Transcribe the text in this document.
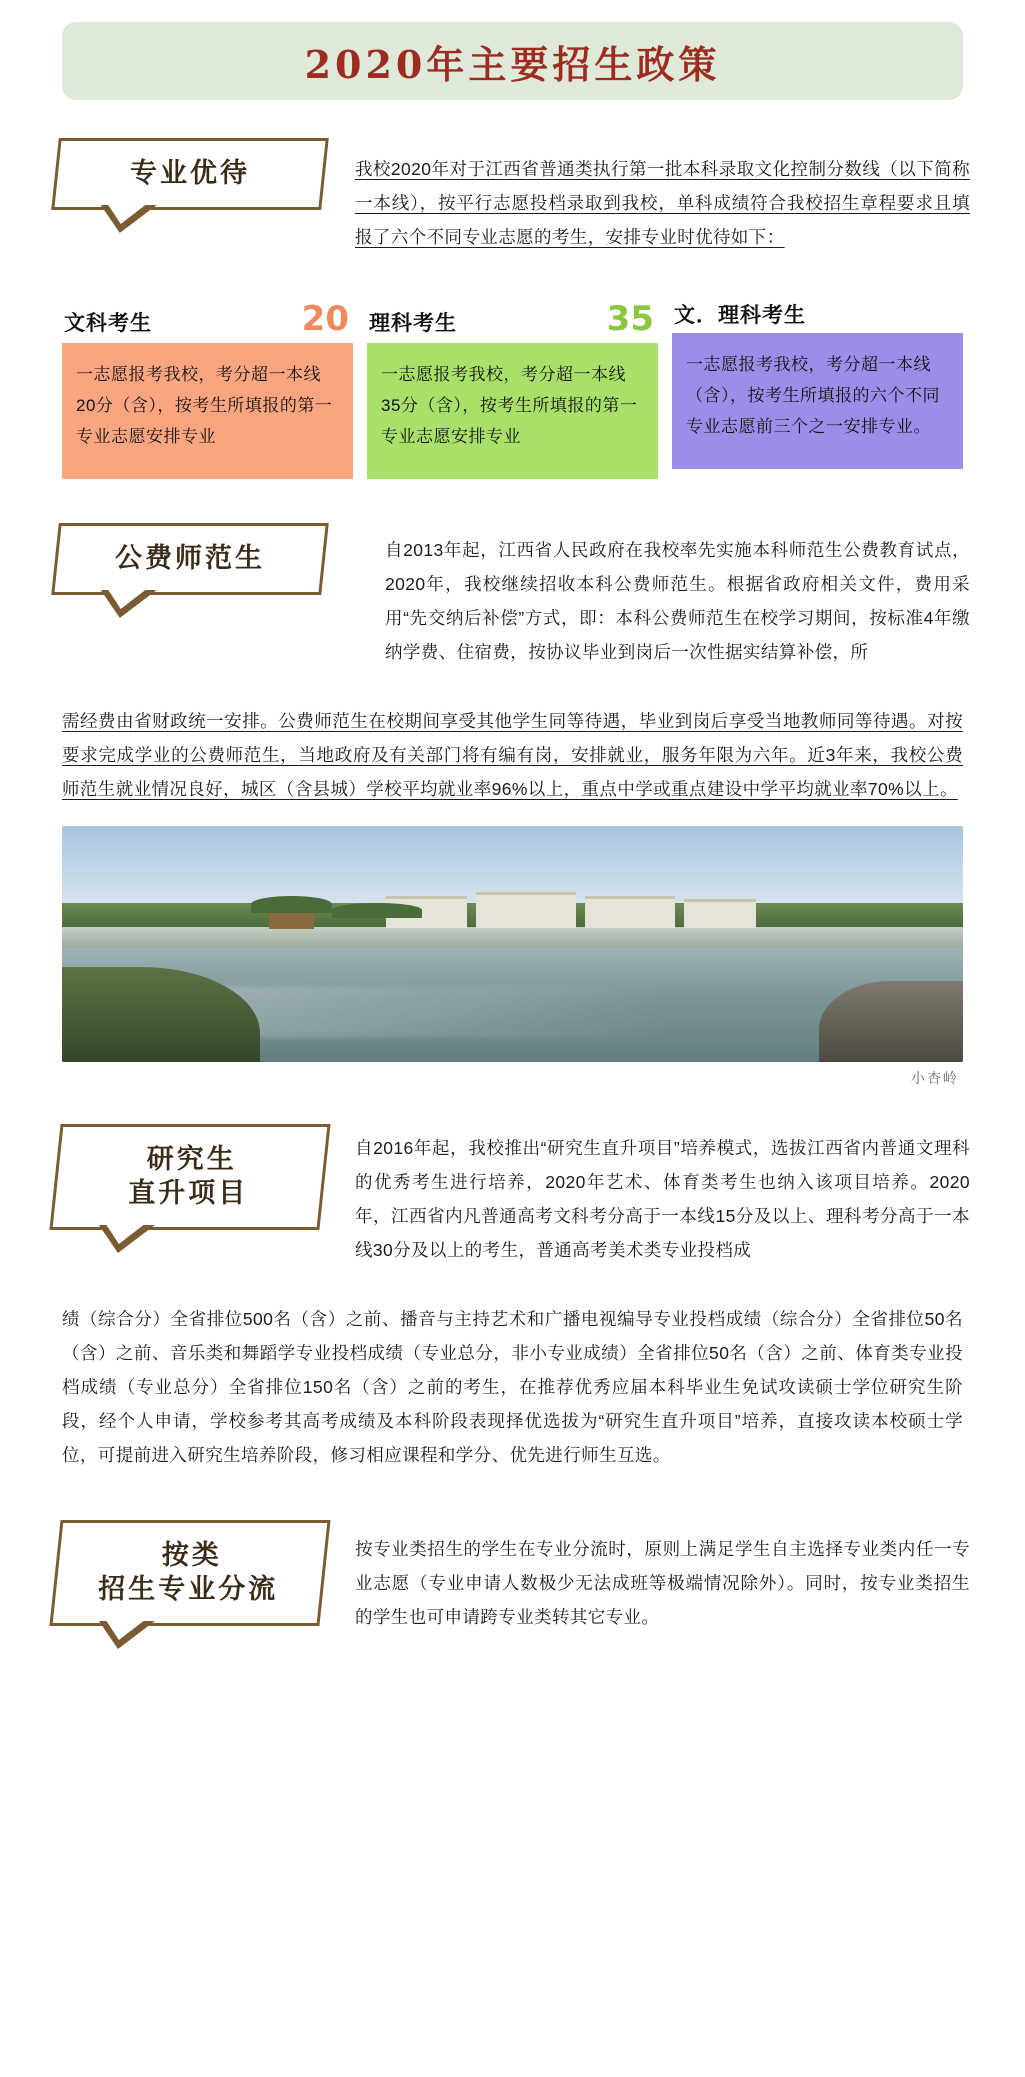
2020年主要招生政策
专业优待	我校2020年对于江西省普通类执行第一批本科录取文化控制分数线（以下简称一本线），按平行志愿投档录取到我校，单科成绩符合我校招生章程要求且填报了六个不同专业志愿的考生，安排专业时优待如下：

文科考生	20
一志愿报考我校，考分超一本线20分（含），按考生所填报的第一专业志愿安排专业
理科考生	35
一志愿报考我校，考分超一本线35分（含），按考生所填报的第一专业志愿安排专业
文．理科考生
一志愿报考我校，考分超一本线（含），按考生所填报的六个不同专业志愿前三个之一安排专业。
公费师范生	自2013年起，江西省人民政府在我校率先实施本科师范生公费教育试点，2020年，我校继续招收本科公费师范生。根据省政府相关文件，费用采用“先交纳后补偿”方式，即：本科公费师范生在校学习期间，按标准4年缴纳学费、住宿费，按协议毕业到岗后一次性据实结算补偿，所

需经费由省财政统一安排。公费师范生在校期间享受其他学生同等待遇，毕业到岗后享受当地教师同等待遇。对按要求完成学业的公费师范生，当地政府及有关部门将有编有岗，安排就业，服务年限为六年。近3年来，我校公费师范生就业情况良好，城区（含县城）学校平均就业率96%以上，重点中学或重点建设中学平均就业率70%以上。

小杏岭
研究生
直升项目

自2016年起，我校推出“研究生直升项目”培养模式，选拔江西省内普通文理科的优秀考生进行培养，2020年艺术、体育类考生也纳入该项目培养。2020年，江西省内凡普通高考文科考分高于一本线15分及以上、理科考分高于一本线30分及以上的考生，普通高考美术类专业投档成

绩（综合分）全省排位500名（含）之前、播音与主持艺术和广播电视编导专业投档成绩（综合分）全省排位50名（含）之前、音乐类和舞蹈学专业投档成绩（专业总分，非小专业成绩）全省排位50名（含）之前、体育类专业投档成绩（专业总分）全省排位150名（含）之前的考生，在推荐优秀应届本科毕业生免试攻读硕士学位研究生阶段，经个人申请，学校参考其高考成绩及本科阶段表现择优选拔为“研究生直升项目”培养，直接攻读本校硕士学位，可提前进入研究生培养阶段，修习相应课程和学分、优先进行师生互选。

按类
招生专业分流

按专业类招生的学生在专业分流时，原则上满足学生自主选择专业类内任一专业志愿（专业申请人数极少无法成班等极端情况除外）。同时，按专业类招生的学生也可申请跨专业类转其它专业。
